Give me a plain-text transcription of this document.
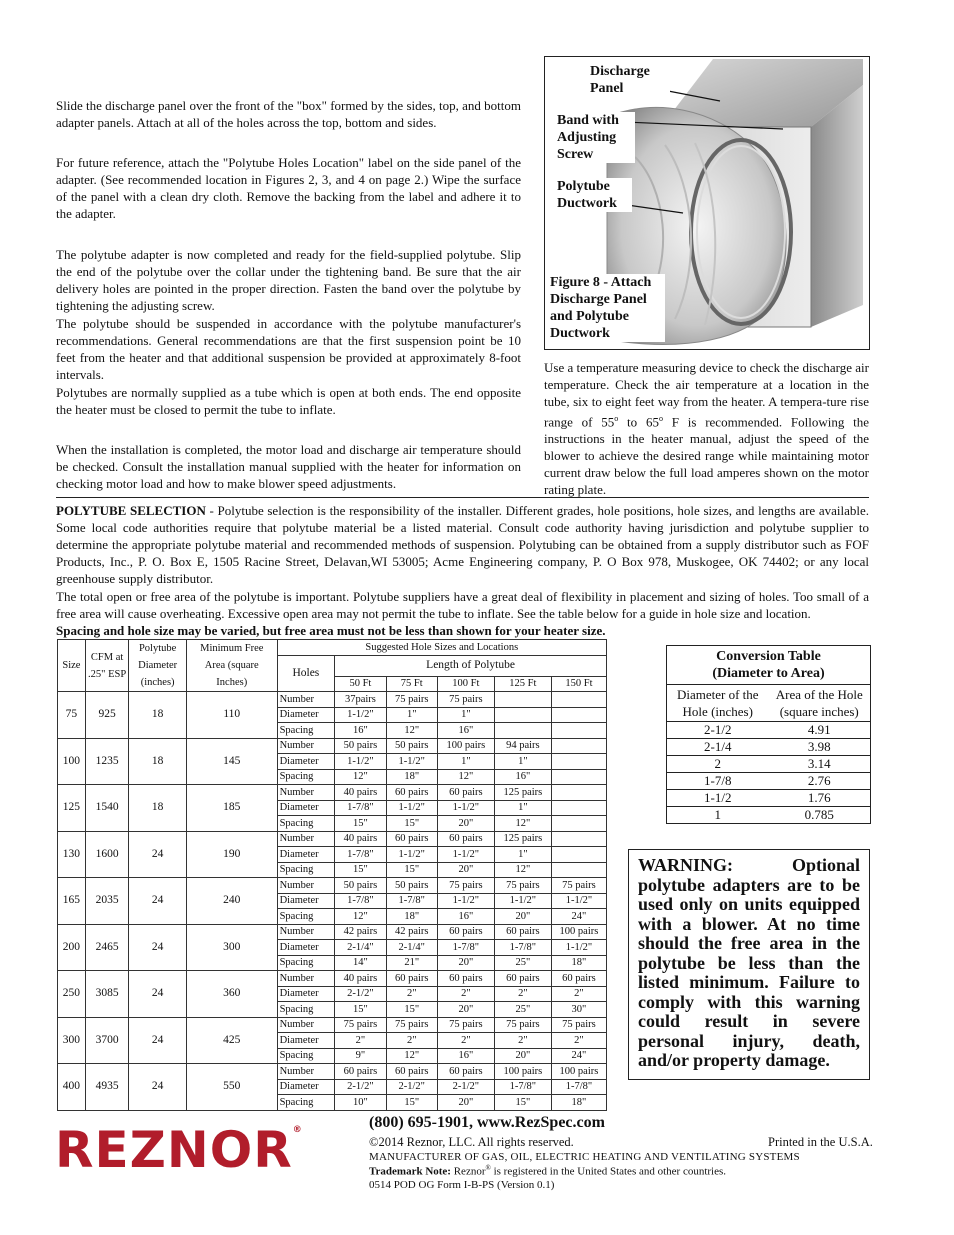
Slide the discharge panel over the front of the "box" formed by the sides, top, and bottom adapter panels. Attach at all of the holes across the top, bottom and sides.

For future reference, attach the "Polytube Holes Location" label on the side panel of the adapter. (See recommended location in Figures 2, 3, and 4 on page 2.) Wipe the surface of the panel with a clean dry cloth. Remove the backing from the label and adhere it to the adapter.

The polytube adapter is now completed and ready for the field-supplied polytube. Slip the end of the polytube over the collar under the tightening band. Be sure that the air delivery holes are pointed in the proper direction. Fasten the band over the polytube by tightening the adjusting screw.

The polytube should be suspended in accordance with the polytube manufacturer's recommendations. General recommendations are that the first suspension point be 10 feet from the heater and that additional suspension be provided at approximately 8-foot intervals.

Polytubes are normally supplied as a tube which is open at both ends. The end opposite the heater must be closed to permit the tube to inflate.

When the installation is completed, the motor load and discharge air temperature should be checked. Consult the installation manual supplied with the heater for information on checking motor load and how to make blower speed adjustments.

Discharge Panel
Band with Adjusting Screw
Polytube Ductwork
Figure 8 - Attach Discharge Panel and Polytube Ductwork

Use a temperature measuring device to check the discharge air temperature. Check the air temperature at a location in the tube, six to eight feet way from the heater. A tempera-ture rise range of 55$^o$ to 65$^o$ F is recommended. Following the instructions in the heater manual, adjust the speed of the blower to achieve the desired range while maintaining motor current draw below the full load amperes shown on the motor rating plate.

POLYTUBE SELECTION - Polytube selection is the responsibility of the installer. Different grades, hole positions, hole sizes, and lengths are available. Some local code authorities require that polytube material be a listed material. Consult code authority having jurisdiction and polytube supplier to determine the appropriate polytube material and recommended methods of suspension. Polytubing can be obtained from a supply distributor such as FOF Products, Inc., P. O. Box E, 1505 Racine Street, Delavan,WI 53005; Acme Engineering company, P. O Box 978, Muskogee, OK 74402; or any local greenhouse supply distributor.

The total open or free area of the polytube is important. Polytube suppliers have a great deal of flexibility in placement and sizing of holes. Too small of a free area will cause overheating. Excessive open area may not permit the tube to inflate. See the table below for a guide in hole size and location.

Spacing and hole size may be varied, but free area must not be less than shown for your heater size.

Size	CFM at .25" ESP	Polytube Diameter (inches)	Minimum Free Area (square Inches)	Suggested Hole Sizes and Locations					
				Holes	Length of Polytube				
					50 Ft	75 Ft	100 Ft	125 Ft	150 Ft
75	925	18	110	Number	37pairs	75 pairs	75 pairs		
				Diameter	1-1/2"	1"	1"		
				Spacing	16"	12"	16"		
100	1235	18	145	Number	50 pairs	50 pairs	100 pairs	94 pairs	
				Diameter	1-1/2"	1-1/2"	1"	1"	
				Spacing	12"	18"	12"	16"	
125	1540	18	185	Number	40 pairs	60 pairs	60 pairs	125 pairs	
				Diameter	1-7/8"	1-1/2"	1-1/2"	1"	
				Spacing	15"	15"	20"	12"	
130	1600	24	190	Number	40 pairs	60 pairs	60 pairs	125 pairs	
				Diameter	1-7/8"	1-1/2"	1-1/2"	1"	
				Spacing	15"	15"	20"	12"	
165	2035	24	240	Number	50 pairs	50 pairs	75 pairs	75 pairs	75 pairs
				Diameter	1-7/8"	1-7/8"	1-1/2"	1-1/2"	1-1/2"
				Spacing	12"	18"	16"	20"	24"
200	2465	24	300	Number	42 pairs	42 pairs	60 pairs	60 pairs	100 pairs
				Diameter	2-1/4"	2-1/4"	1-7/8"	1-7/8"	1-1/2"
				Spacing	14"	21"	20"	25"	18"
250	3085	24	360	Number	40 pairs	60 pairs	60 pairs	60 pairs	60 pairs
				Diameter	2-1/2"	2"	2"	2"	2"
				Spacing	15"	15"	20"	25"	30"
300	3700	24	425	Number	75 pairs	75 pairs	75 pairs	75 pairs	75 pairs
				Diameter	2"	2"	2"	2"	2"
				Spacing	9"	12"	16"	20"	24"
400	4935	24	550	Number	60 pairs	60 pairs	60 pairs	100 pairs	100 pairs
				Diameter	2-1/2"	2-1/2"	2-1/2"	1-7/8"	1-7/8"
				Spacing	10"	15"	20"	15"	18"
Conversion Table (Diameter to Area)
Diameter of the Hole (inches)	Area of the Hole (square inches)
2-1/2	4.91
2-1/4	3.98
2	3.14
1-7/8	2.76
1-1/2	1.76
1	0.785
WARNING: Optional polytube adapters are to be used only on units equipped with a blower. At no time should the free area in the polytube be less than the listed minimum. Failure to comply with this warning could result in severe personal injury, death, and/or property damage.
REZNOR®	(800) 695-1901, www.RezSpec.com
©2014 Reznor, LLC. All rights reserved.	Printed in the U.S.A.
MANUFACTURER OF GAS, OIL, ELECTRIC HEATING AND VENTILATING SYSTEMS
Trademark Note: Reznor® is registered in the United States and other countries.
0514 POD OG Form I-B-PS (Version 0.1)
